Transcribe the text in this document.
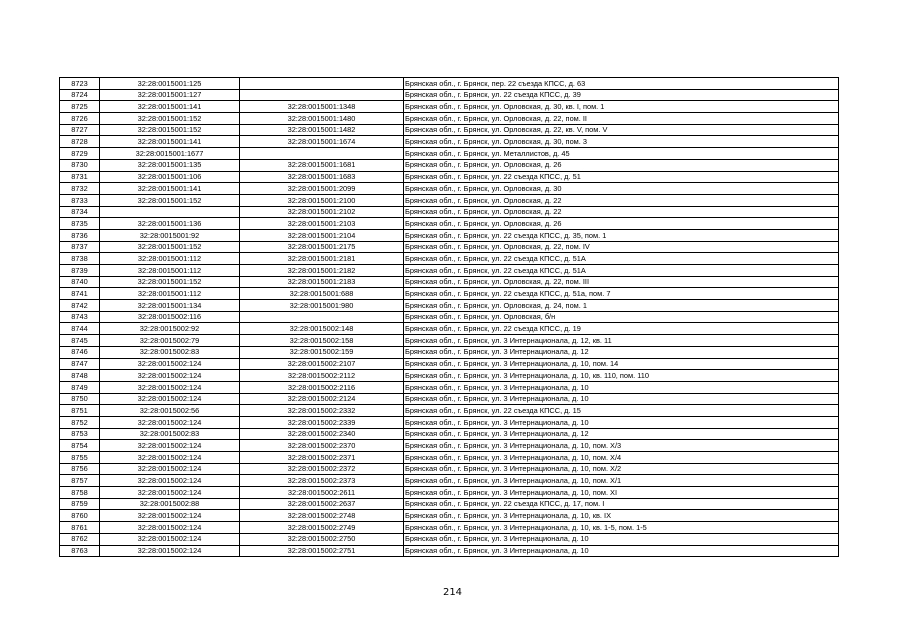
8723	32:28:0015001:125		Брянская обл., г. Брянск, пер. 22 съезда КПСС, д. 63
8724	32:28:0015001:127		Брянская обл., г. Брянск, ул. 22 съезда КПСС, д. 39
8725	32:28:0015001:141	32:28:0015001:1348	Брянская обл., г. Брянск, ул. Орловская, д. 30, кв. I, пом. 1
8726	32:28:0015001:152	32:28:0015001:1480	Брянская обл., г. Брянск, ул. Орловская, д. 22, пом. II
8727	32:28:0015001:152	32:28:0015001:1482	Брянская обл., г. Брянск, ул. Орловская, д. 22, кв. V, пом. V
8728	32:28:0015001:141	32:28:0015001:1674	Брянская обл., г. Брянск, ул. Орловская, д. 30, пом. 3
8729	32:28:0015001:1677		Брянская обл., г. Брянск, ул. Металлистов, д. 45
8730	32:28:0015001:135	32:28:0015001:1681	Брянская обл., г. Брянск, ул. Орловская, д. 26
8731	32:28:0015001:106	32:28:0015001:1683	Брянская обл., г. Брянск, ул. 22 съезда КПСС, д. 51
8732	32:28:0015001:141	32:28:0015001:2099	Брянская обл., г. Брянск, ул. Орловская, д. 30
8733	32:28:0015001:152	32:28:0015001:2100	Брянская обл., г. Брянск, ул. Орловская, д. 22
8734		32:28:0015001:2102	Брянская обл., г. Брянск, ул. Орловская, д. 22
8735	32:28:0015001:136	32:28:0015001:2103	Брянская обл., г. Брянск, ул. Орловская, д. 26
8736	32:28:0015001:92	32:28:0015001:2104	Брянская обл., г. Брянск, ул. 22 съезда КПСС, д. 35, пом. 1
8737	32:28:0015001:152	32:28:0015001:2175	Брянская обл., г. Брянск, ул. Орловская, д. 22, пом. IV
8738	32:28:0015001:112	32:28:0015001:2181	Брянская обл., г. Брянск, ул. 22 съезда КПСС, д. 51А
8739	32:28:0015001:112	32:28:0015001:2182	Брянская обл., г. Брянск, ул. 22 съезда КПСС, д. 51А
8740	32:28:0015001:152	32:28:0015001:2183	Брянская обл., г. Брянск, ул. Орловская, д. 22, пом. III
8741	32:28:0015001:112	32:28:0015001:688	Брянская обл., г. Брянск, ул. 22 съезда КПСС, д. 51а, пом. 7
8742	32:28:0015001:134	32:28:0015001:980	Брянская обл., г. Брянск, ул. Орловская, д. 24, пом. 1
8743	32:28:0015002:116		Брянская обл., г. Брянск, ул. Орловская, б/н
8744	32:28:0015002:92	32:28:0015002:148	Брянская обл., г. Брянск, ул. 22 съезда КПСС, д. 19
8745	32:28:0015002:79	32:28:0015002:158	Брянская обл., г. Брянск, ул. 3 Интернационала, д. 12, кв. 11
8746	32:28:0015002:83	32:28:0015002:159	Брянская обл., г. Брянск, ул. 3 Интернационала, д. 12
8747	32:28:0015002:124	32:28:0015002:2107	Брянская обл., г. Брянск, ул. 3 Интернационала, д. 10, пом. 14
8748	32:28:0015002:124	32:28:0015002:2112	Брянская обл., г. Брянск, ул. 3 Интернационала, д. 10, кв. 110, пом. 110
8749	32:28:0015002:124	32:28:0015002:2116	Брянская обл., г. Брянск, ул. 3 Интернационала, д. 10
8750	32:28:0015002:124	32:28:0015002:2124	Брянская обл., г. Брянск, ул. 3 Интернационала, д. 10
8751	32:28:0015002:56	32:28:0015002:2332	Брянская обл., г. Брянск, ул. 22 съезда КПСС, д. 15
8752	32:28:0015002:124	32:28:0015002:2339	Брянская обл., г. Брянск, ул. 3 Интернационала, д. 10
8753	32:28:0015002:83	32:28:0015002:2340	Брянская обл., г. Брянск, ул. 3 Интернационала, д. 12
8754	32:28:0015002:124	32:28:0015002:2370	Брянская обл., г. Брянск, ул. 3 Интернационала, д. 10, пом. Х/3
8755	32:28:0015002:124	32:28:0015002:2371	Брянская обл., г. Брянск, ул. 3 Интернационала, д. 10, пом. Х/4
8756	32:28:0015002:124	32:28:0015002:2372	Брянская обл., г. Брянск, ул. 3 Интернационала, д. 10, пом. Х/2
8757	32:28:0015002:124	32:28:0015002:2373	Брянская обл., г. Брянск, ул. 3 Интернационала, д. 10, пом. Х/1
8758	32:28:0015002:124	32:28:0015002:2611	Брянская обл., г. Брянск, ул. 3 Интернационала, д. 10, пом. XI
8759	32:28:0015002:88	32:28:0015002:2637	Брянская обл., г. Брянск, ул. 22 съезда КПСС, д. 17, пом. I
8760	32:28:0015002:124	32:28:0015002:2748	Брянская обл., г. Брянск, ул. 3 Интернационала, д. 10, кв. IX
8761	32:28:0015002:124	32:28:0015002:2749	Брянская обл., г. Брянск, ул. 3 Интернационала, д. 10, кв. 1-5, пом. 1-5
8762	32:28:0015002:124	32:28:0015002:2750	Брянская обл., г. Брянск, ул. 3 Интернационала, д. 10
8763	32:28:0015002:124	32:28:0015002:2751	Брянская обл., г. Брянск, ул. 3 Интернационала, д. 10
214
